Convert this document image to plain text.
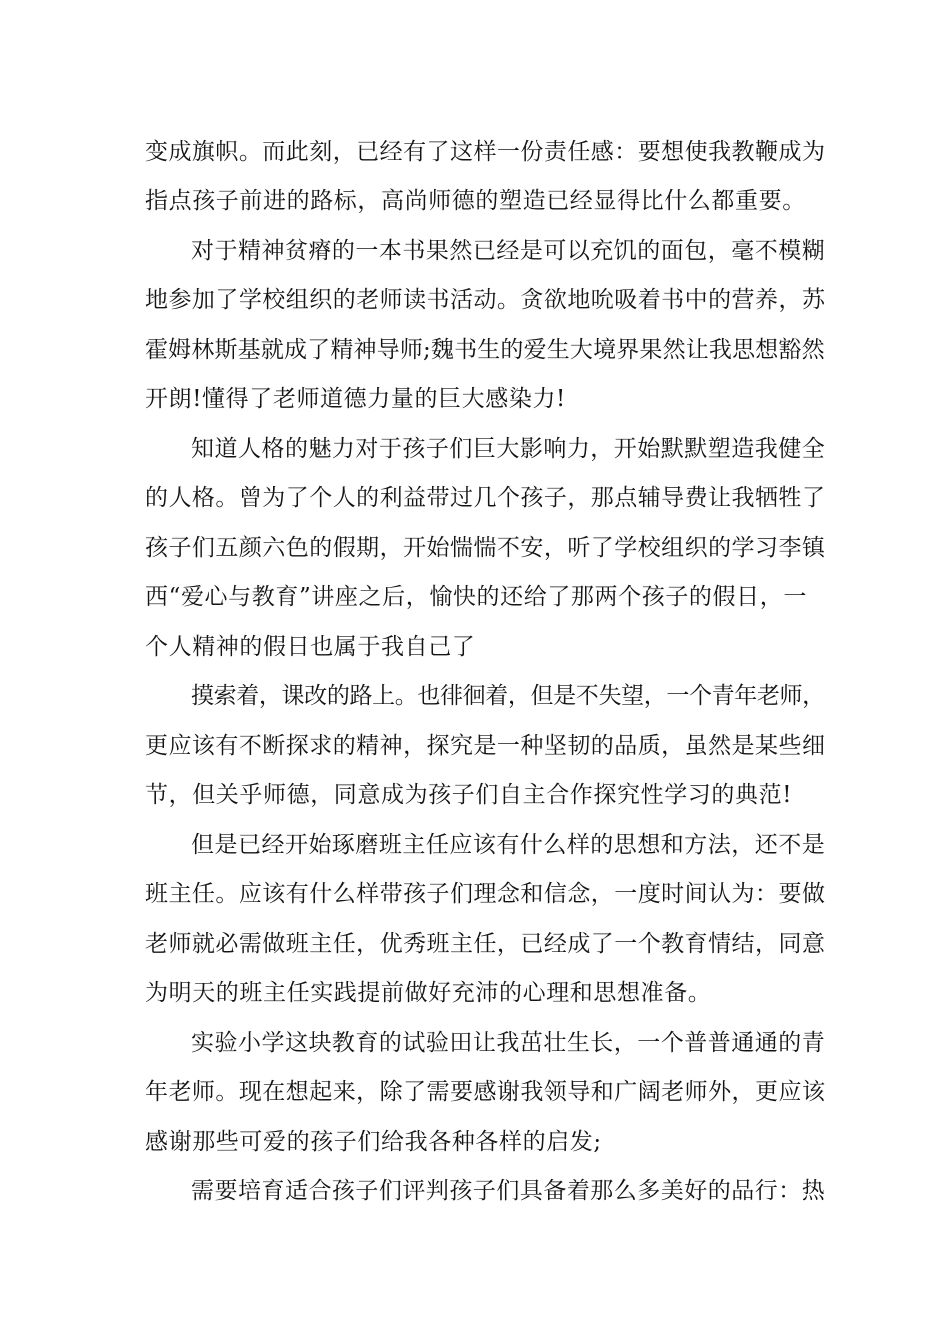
变成旗帜。而此刻，已经有了这样一份责任感：要想使我教鞭成为

指点孩子前进的路标，高尚师德的塑造已经显得比什么都重要。

对于精神贫瘠的一本书果然已经是可以充饥的面包，毫不模糊

地参加了学校组织的老师读书活动。贪欲地吮吸着书中的营养，苏

霍姆林斯基就成了精神导师;魏书生的爱生大境界果然让我思想豁然

开朗!懂得了老师道德力量的巨大感染力!

知道人格的魅力对于孩子们巨大影响力，开始默默塑造我健全

的人格。曾为了个人的利益带过几个孩子，那点辅导费让我牺牲了

孩子们五颜六色的假期，开始惴惴不安，听了学校组织的学习李镇

西“爱心与教育”讲座之后，愉快的还给了那两个孩子的假日，一

个人精神的假日也属于我自己了

摸索着，课改的路上。也徘徊着，但是不失望，一个青年老师，

更应该有不断探求的精神，探究是一种坚韧的品质，虽然是某些细

节，但关乎师德，同意成为孩子们自主合作探究性学习的典范!

但是已经开始琢磨班主任应该有什么样的思想和方法，还不是

班主任。应该有什么样带孩子们理念和信念，一度时间认为：要做

老师就必需做班主任，优秀班主任，已经成了一个教育情结，同意

为明天的班主任实践提前做好充沛的心理和思想准备。

实验小学这块教育的试验田让我茁壮生长，一个普普通通的青

年老师。现在想起来，除了需要感谢我领导和广阔老师外，更应该

感谢那些可爱的孩子们给我各种各样的启发;

需要培育适合孩子们评判孩子们具备着那么多美好的品行：热
